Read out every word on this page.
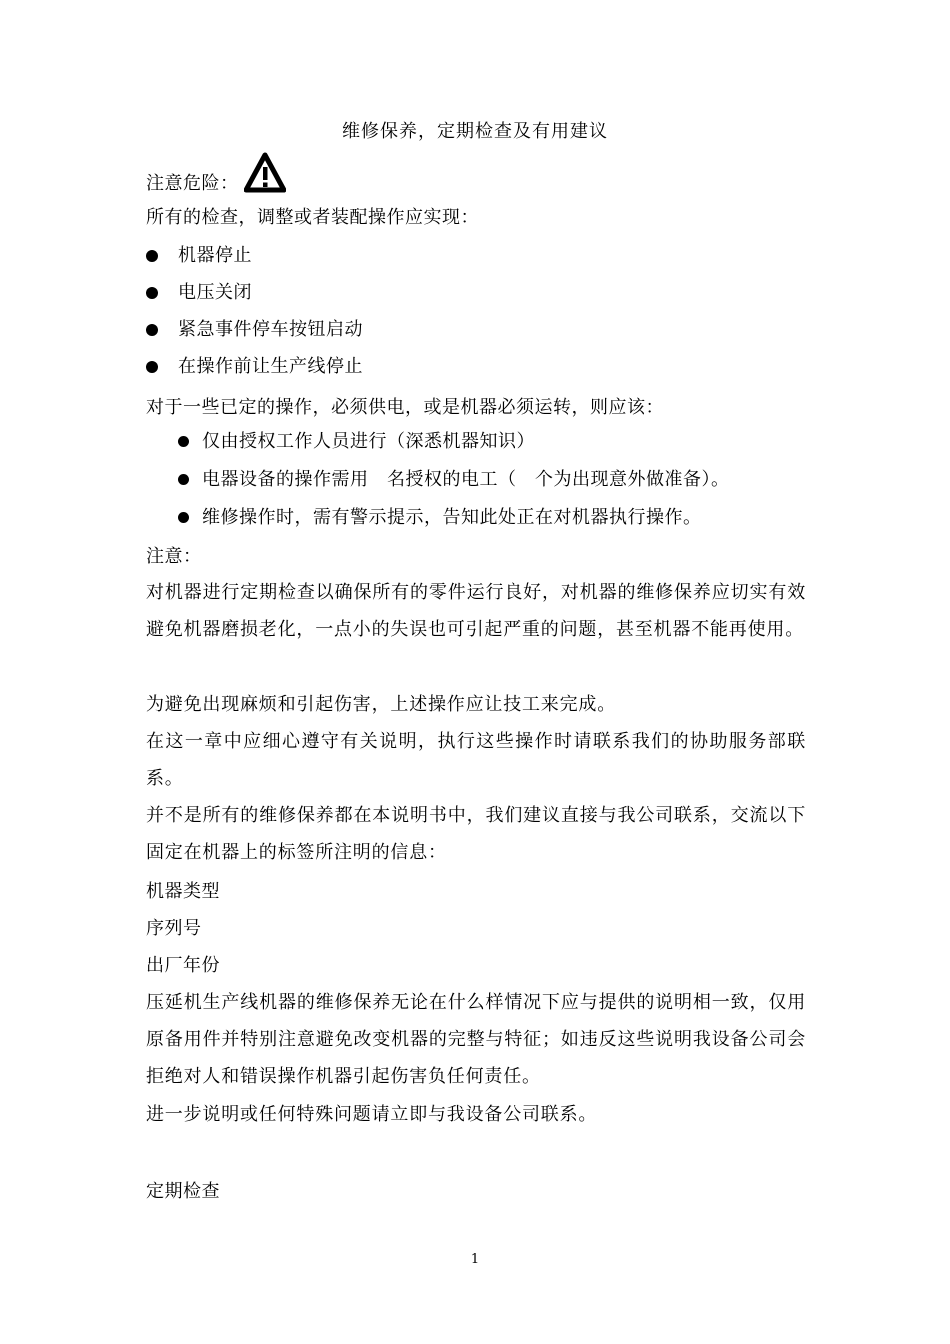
维修保养，定期检查及有用建议
注意危险：
所有的检查，调整或者装配操作应实现：
机器停止
电压关闭
紧急事件停车按钮启动
在操作前让生产线停止
对于一些已定的操作，必须供电，或是机器必须运转，则应该：
仅由授权工作人员进行（深悉机器知识）
电器设备的操作需用　名授权的电工（　个为出现意外做准备）。
维修操作时，需有警示提示，告知此处正在对机器执行操作。
注意：
对机器进行定期检查以确保所有的零件运行良好，对机器的维修保养应切实有效避免机器磨损老化，一点小的失误也可引起严重的问题，甚至机器不能再使用。
为避免出现麻烦和引起伤害，上述操作应让技工来完成。
在这一章中应细心遵守有关说明，执行这些操作时请联系我们的协助服务部联系。
并不是所有的维修保养都在本说明书中，我们建议直接与我公司联系，交流以下固定在机器上的标签所注明的信息：
机器类型
序列号
出厂年份
压延机生产线机器的维修保养无论在什么样情况下应与提供的说明相一致，仅用原备用件并特别注意避免改变机器的完整与特征；如违反这些说明我设备公司会拒绝对人和错误操作机器引起伤害负任何责任。
进一步说明或任何特殊问题请立即与我设备公司联系。
定期检查
1
